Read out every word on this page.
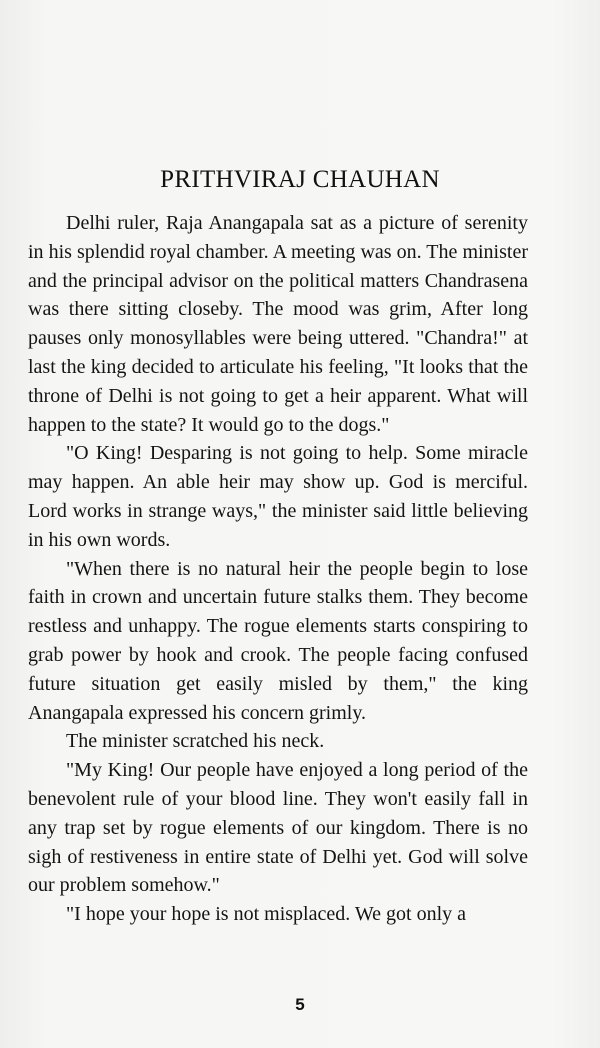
PRITHVIRAJ CHAUHAN

Delhi ruler, Raja Anangapala sat as a picture of serenity in his splendid royal chamber. A meeting was on. The minister and the principal advisor on the political matters Chandrasena was there sitting closeby. The mood was grim, After long pauses only monosyllables were being uttered. "Chandra!" at last the king decided to articulate his feeling, "It looks that the throne of Delhi is not going to get a heir apparent. What will happen to the state? It would go to the dogs."

"O King! Desparing is not going to help. Some miracle may happen. An able heir may show up. God is merciful. Lord works in strange ways," the minister said little believing in his own words.

"When there is no natural heir the people begin to lose faith in crown and uncertain future stalks them. They become restless and unhappy. The rogue elements starts conspiring to grab power by hook and crook. The people facing confused future situation get easily misled by them," the king Anangapala expressed his concern grimly.

The minister scratched his neck.

"My King! Our people have enjoyed a long period of the benevolent rule of your blood line. They won't easily fall in any trap set by rogue elements of our kingdom. There is no sigh of restiveness in entire state of Delhi yet. God will solve our problem somehow."

"I hope your hope is not misplaced. We got only a

5
